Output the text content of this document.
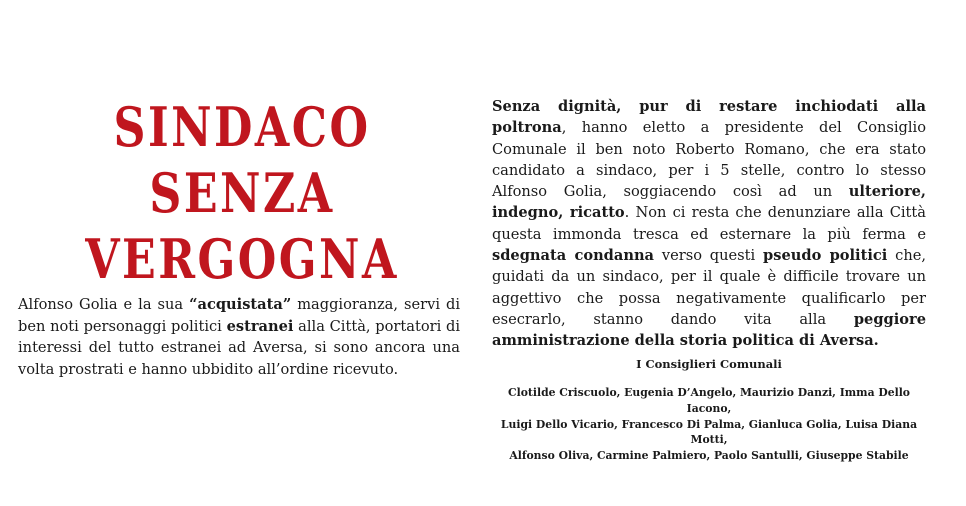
SINDACO
SENZA
VERGOGNA
Alfonso Golia e la sua “acquistata” maggioranza, servi di ben noti personaggi politici estranei alla Città, portatori di interessi del tutto estranei ad Aversa, si sono ancora una volta prostrati e hanno ubbidito all’ordine ricevuto.
Senza dignità, pur di restare inchiodati alla poltrona, hanno eletto a presidente del Consiglio Comunale il ben noto Roberto Romano, che era stato candidato a sindaco, per i 5 stelle, contro lo stesso Alfonso Golia, soggiacendo così ad un ulteriore, indegno, ricatto. Non ci resta che denunziare alla Città questa immonda tresca ed esternare la più ferma e sdegnata condanna verso questi pseudo politici che, guidati da un sindaco, per il quale è difficile trovare un aggettivo che possa negativamente qualificarlo per esecrarlo, stanno dando vita alla peggiore amministrazione della storia politica di Aversa.
I Consiglieri Comunali
Clotilde Criscuolo, Eugenia D’Angelo, Maurizio Danzi, Imma Dello Iacono,
Luigi Dello Vicario, Francesco Di Palma, Gianluca Golia, Luisa Diana Motti,
Alfonso Oliva, Carmine Palmiero, Paolo Santulli, Giuseppe Stabile
